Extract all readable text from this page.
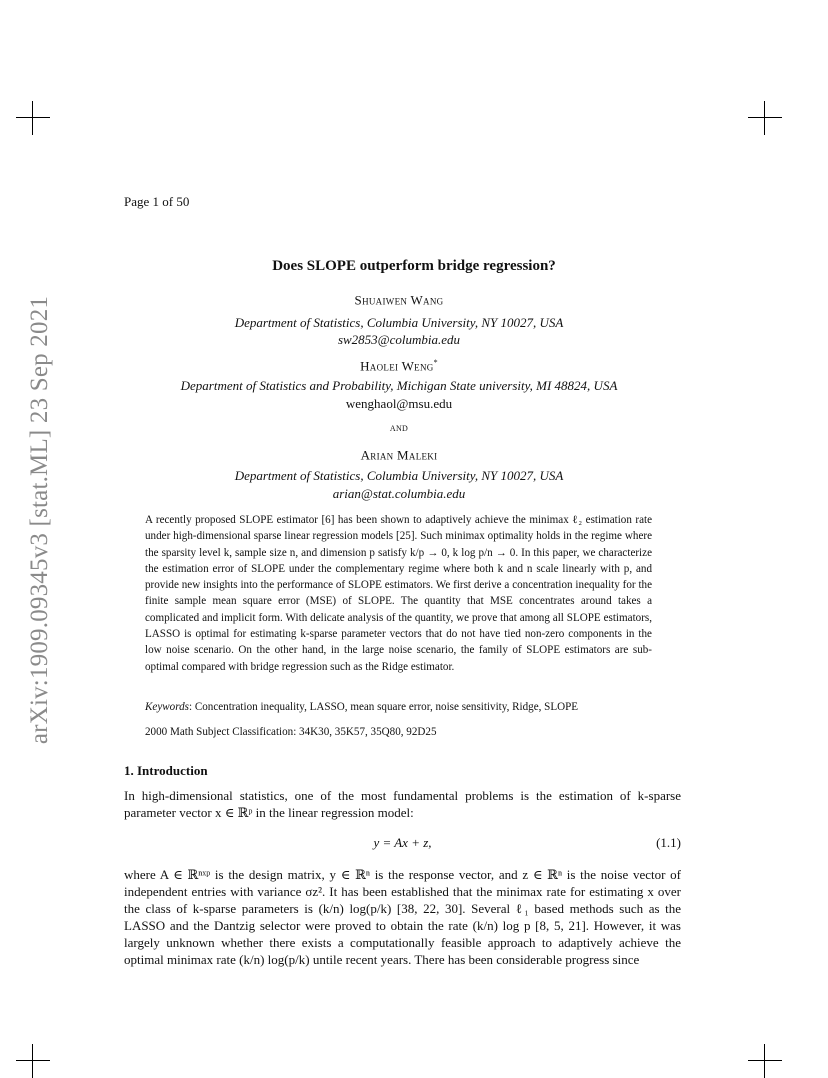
arXiv:1909.09345v3 [stat.ML] 23 Sep 2021
Page 1 of 50
Does SLOPE outperform bridge regression?
Shuaiwen Wang
Department of Statistics, Columbia University, NY 10027, USA
sw2853@columbia.edu
Haolei Weng*
Department of Statistics and Probability, Michigan State university, MI 48824, USA
wenghaol@msu.edu
and
Arian Maleki
Department of Statistics, Columbia University, NY 10027, USA
arian@stat.columbia.edu

A recently proposed SLOPE estimator [6] has been shown to adaptively achieve the minimax ℓ₂ estimation rate under high-dimensional sparse linear regression models [25]. Such minimax optimality holds in the regime where the sparsity level k, sample size n, and dimension p satisfy k/p → 0, k log p/n → 0. In this paper, we characterize the estimation error of SLOPE under the complementary regime where both k and n scale linearly with p, and provide new insights into the performance of SLOPE estimators. We first derive a concentration inequality for the finite sample mean square error (MSE) of SLOPE. The quantity that MSE concentrates around takes a complicated and implicit form. With delicate analysis of the quantity, we prove that among all SLOPE estimators, LASSO is optimal for estimating k-sparse parameter vectors that do not have tied non-zero components in the low noise scenario. On the other hand, in the large noise scenario, the family of SLOPE estimators are sub-optimal compared with bridge regression such as the Ridge estimator.

Keywords: Concentration inequality, LASSO, mean square error, noise sensitivity, Ridge, SLOPE
2000 Math Subject Classification: 34K30, 35K57, 35Q80, 92D25
1. Introduction

In high-dimensional statistics, one of the most fundamental problems is the estimation of k-sparse parameter vector x ∈ ℝᵖ in the linear regression model:

y = Ax + z,	(1.1)

where A ∈ ℝⁿˣᵖ is the design matrix, y ∈ ℝⁿ is the response vector, and z ∈ ℝⁿ is the noise vector of independent entries with variance σz². It has been established that the minimax rate for estimating x over the class of k-sparse parameters is (k/n) log(p/k) [38, 22, 30]. Several ℓ₁ based methods such as the LASSO and the Dantzig selector were proved to obtain the rate (k/n) log p [8, 5, 21]. However, it was largely unknown whether there exists a computationally feasible approach to adaptively achieve the optimal minimax rate (k/n) log(p/k) untile recent years. There has been considerable progress since
